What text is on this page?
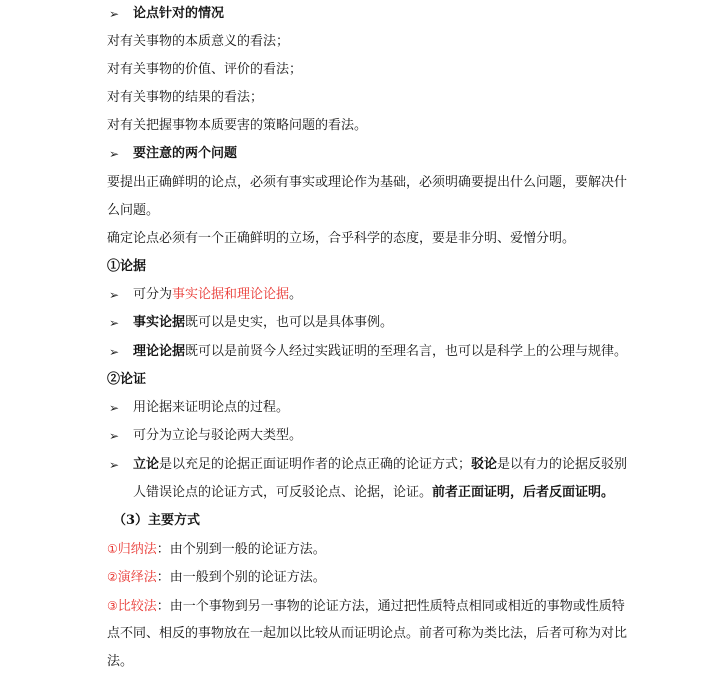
➢	论点针对的情况
对有关事物的本质意义的看法；
对有关事物的价值、评价的看法；
对有关事物的结果的看法；
对有关把握事物本质要害的策略问题的看法。
➢	要注意的两个问题
要提出正确鲜明的论点，必须有事实或理论作为基础，必须明确要提出什么问题，要解决什
么问题。
确定论点必须有一个正确鲜明的立场，合乎科学的态度，要是非分明、爱憎分明。
①论据
➢	可分为事实论据和理论论据。
➢	事实论据既可以是史实，也可以是具体事例。
➢	理论论据既可以是前贤今人经过实践证明的至理名言，也可以是科学上的公理与规律。
②论证
➢	用论据来证明论点的过程。
➢	可分为立论与驳论两大类型。
➢	立论是以充足的论据正面证明作者的论点正确的论证方式；驳论是以有力的论据反驳别
人错误论点的论证方式，可反驳论点、论据，论证。前者正面证明，后者反面证明。
（3）主要方式
①归纳法：由个别到一般的论证方法。
②演绎法：由一般到个别的论证方法。
③比较法：由一个事物到另一事物的论证方法，通过把性质特点相同或相近的事物或性质特
点不同、相反的事物放在一起加以比较从而证明论点。前者可称为类比法，后者可称为对比
法。
